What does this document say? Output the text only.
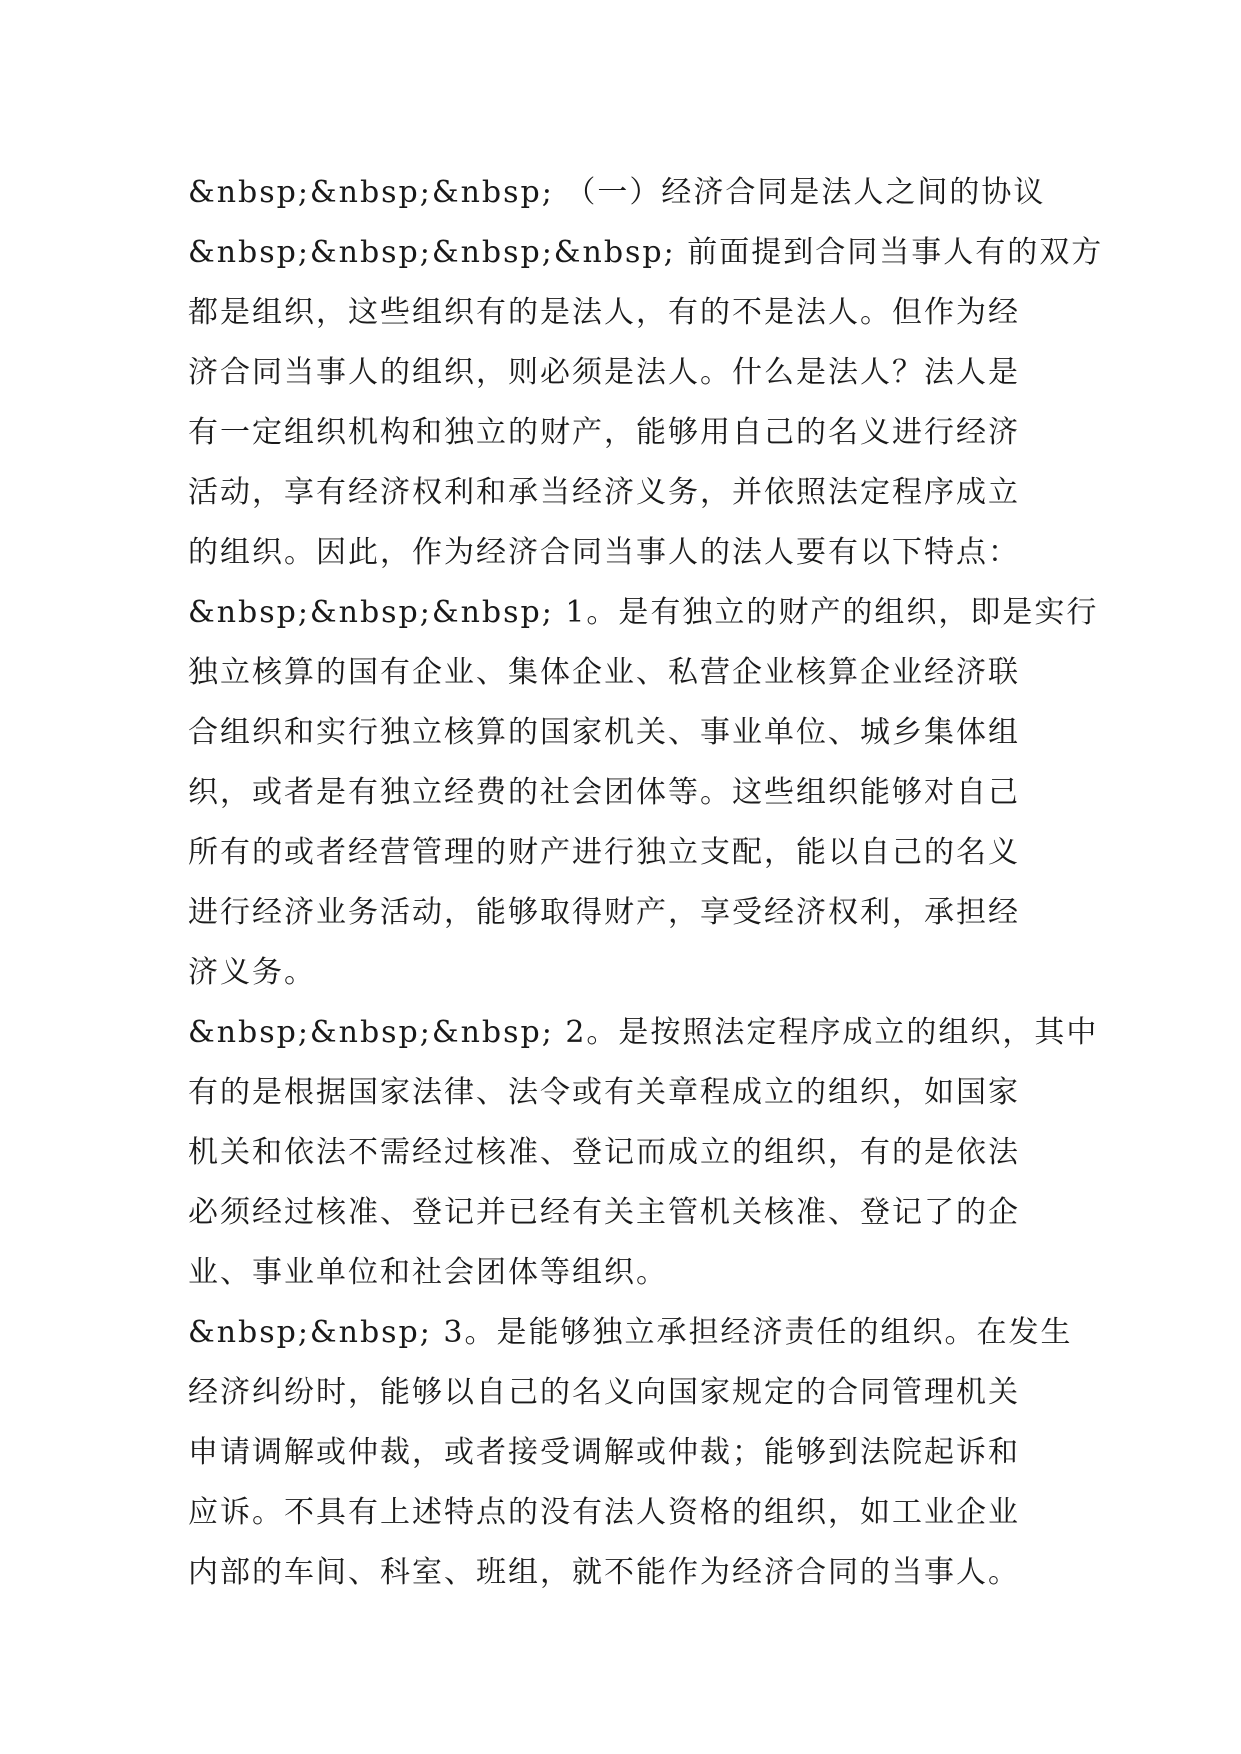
&nbsp;&nbsp;&nbsp; （一）经济合同是法人之间的协议
&nbsp;&nbsp;&nbsp;&nbsp; 前面提到合同当事人有的双方
都是组织，这些组织有的是法人，有的不是法人。但作为经
济合同当事人的组织，则必须是法人。什么是法人？法人是
有一定组织机构和独立的财产，能够用自己的名义进行经济
活动，享有经济权利和承当经济义务，并依照法定程序成立
的组织。因此，作为经济合同当事人的法人要有以下特点：
&nbsp;&nbsp;&nbsp; 1。是有独立的财产的组织，即是实行
独立核算的国有企业、集体企业、私营企业核算企业经济联
合组织和实行独立核算的国家机关、事业单位、城乡集体组
织，或者是有独立经费的社会团体等。这些组织能够对自己
所有的或者经营管理的财产进行独立支配，能以自己的名义
进行经济业务活动，能够取得财产，享受经济权利，承担经
济义务。
&nbsp;&nbsp;&nbsp; 2。是按照法定程序成立的组织，其中
有的是根据国家法律、法令或有关章程成立的组织，如国家
机关和依法不需经过核准、登记而成立的组织，有的是依法
必须经过核准、登记并已经有关主管机关核准、登记了的企
业、事业单位和社会团体等组织。
&nbsp;&nbsp; 3。是能够独立承担经济责任的组织。在发生
经济纠纷时，能够以自己的名义向国家规定的合同管理机关
申请调解或仲裁，或者接受调解或仲裁；能够到法院起诉和
应诉。不具有上述特点的没有法人资格的组织，如工业企业
内部的车间、科室、班组，就不能作为经济合同的当事人。
